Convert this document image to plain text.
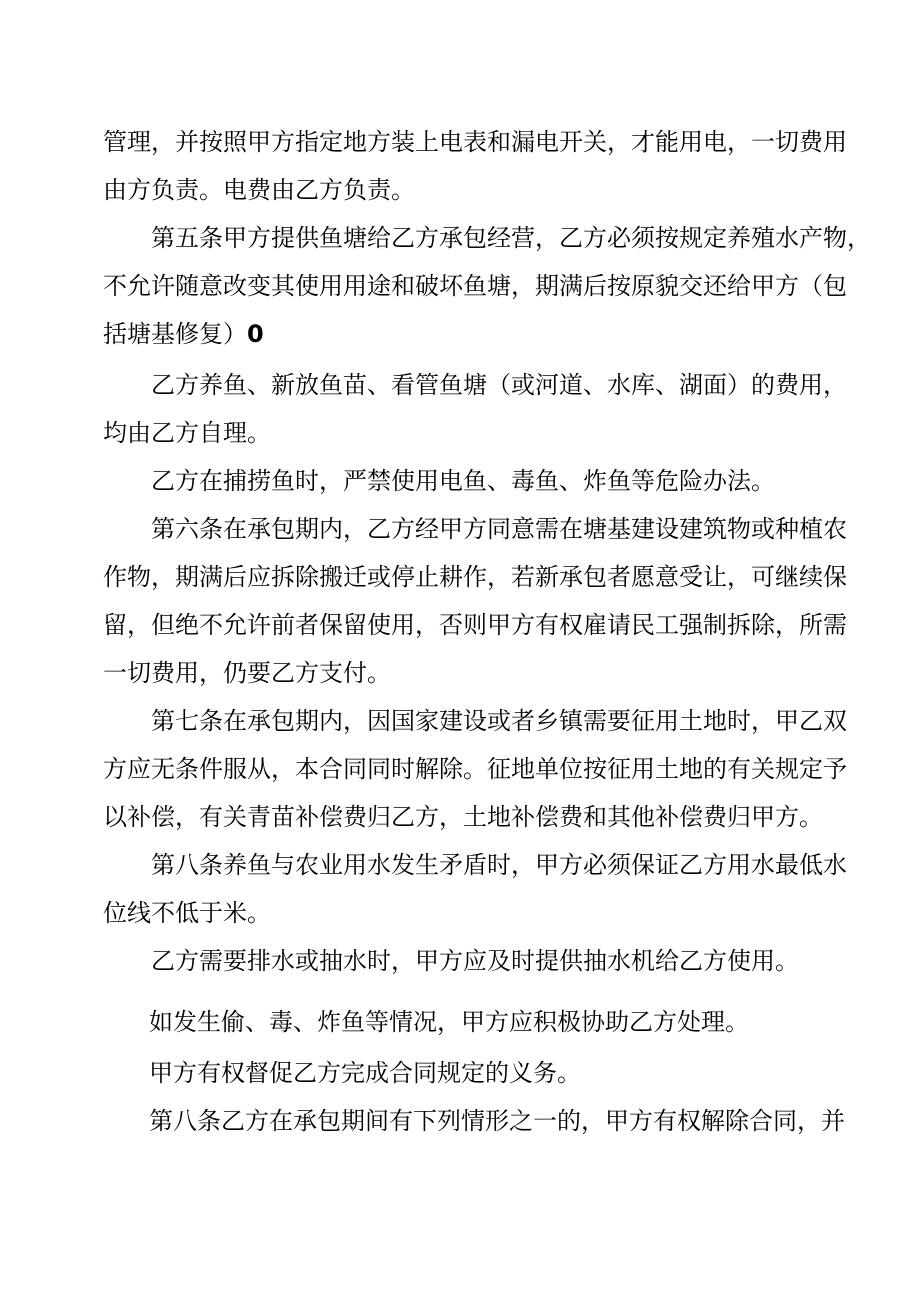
管理，并按照甲方指定地方装上电表和漏电开关，才能用电，一切费用
由方负责。电费由乙方负责。
第五条甲方提供鱼塘给乙方承包经营，乙方必须按规定养殖水产物，
不允许随意改变其使用用途和破坏鱼塘，期满后按原貌交还给甲方（包
括塘基修复） 0
乙方养鱼、新放鱼苗、看管鱼塘（或河道、水库、湖面）的费用，
均由乙方自理。
乙方在捕捞鱼时，严禁使用电鱼、毒鱼、炸鱼等危险办法。
第六条在承包期内，乙方经甲方同意需在塘基建设建筑物或种植农
作物，期满后应拆除搬迁或停止耕作，若新承包者愿意受让，可继续保
留，但绝不允许前者保留使用，否则甲方有权雇请民工强制拆除，所需
一切费用，仍要乙方支付。
第七条在承包期内，因国家建设或者乡镇需要征用土地时，甲乙双
方应无条件服从，本合同同时解除。征地单位按征用土地的有关规定予
以补偿，有关青苗补偿费归乙方，土地补偿费和其他补偿费归甲方。
第八条养鱼与农业用水发生矛盾时，甲方必须保证乙方用水最低水
位线不低于米。
乙方需要排水或抽水时，甲方应及时提供抽水机给乙方使用。
如发生偷、毒、炸鱼等情况，甲方应积极协助乙方处理。
甲方有权督促乙方完成合同规定的义务。
第八条乙方在承包期间有下列情形之一的，甲方有权解除合同，并
